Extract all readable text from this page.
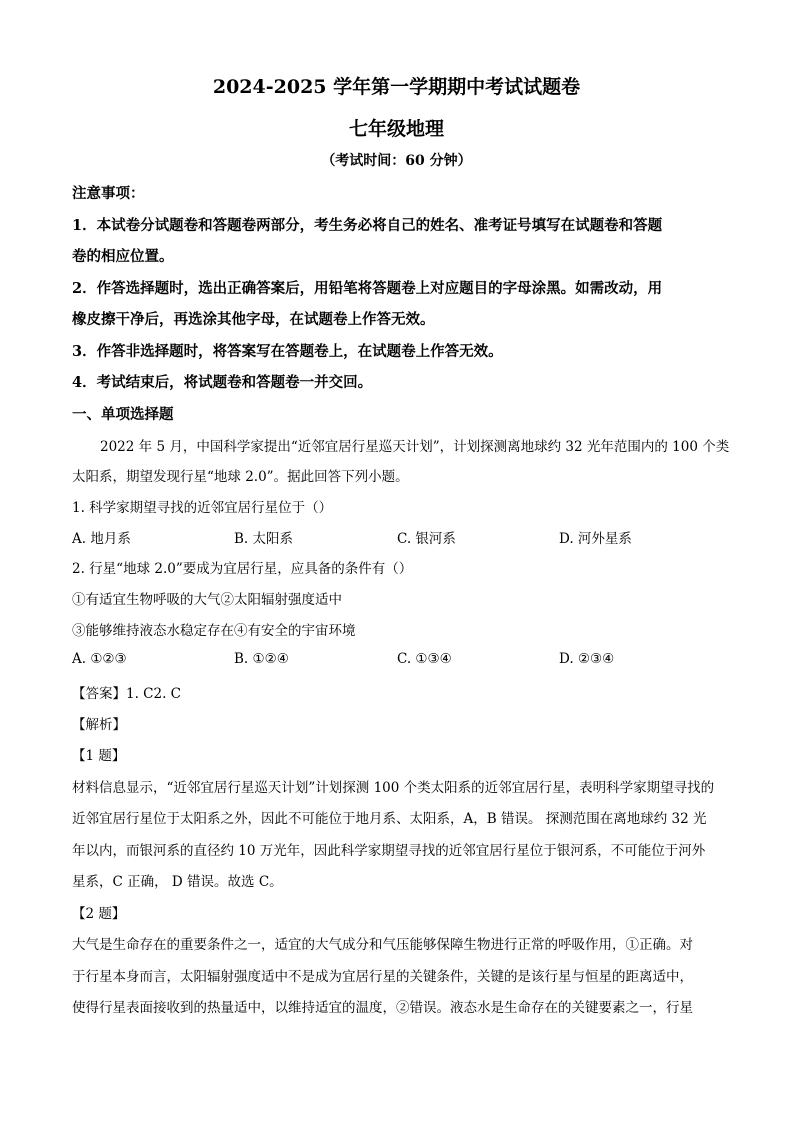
2024-2025 学年第一学期期中考试试题卷
七年级地理
（考试时间：60 分钟）
注意事项：
1．本试卷分试题卷和答题卷两部分，考生务必将自己的姓名、准考证号填写在试题卷和答题
卷的相应位置。
2．作答选择题时，选出正确答案后，用铅笔将答题卷上对应题目的字母涂黑。如需改动，用
橡皮擦干净后，再选涂其他字母，在试题卷上作答无效。
3．作答非选择题时，将答案写在答题卷上，在试题卷上作答无效。
4．考试结束后，将试题卷和答题卷一并交回。
一、单项选择题
2022 年 5 月，中国科学家提出“近邻宜居行星巡天计划”，计划探测离地球约 32 光年范围内的 100 个类
太阳系，期望发现行星“地球 2.0”。据此回答下列小题。
1. 科学家期望寻找的近邻宜居行星位于（）
A. 地月系	B. 太阳系	C. 银河系	D. 河外星系
2. 行星“地球 2.0”要成为宜居行星，应具备的条件有（）
①有适宜生物呼吸的大气②太阳辐射强度适中
③能够维持液态水稳定存在④有安全的宇宙环境
A. ①②③	B. ①②④	C. ①③④	D. ②③④
【答案】1. C2. C
【解析】
【1 题】
材料信息显示，“近邻宜居行星巡天计划”计划探测 100 个类太阳系的近邻宜居行星，表明科学家期望寻找的
近邻宜居行星位于太阳系之外，因此不可能位于地月系、太阳系，A，B 错误。 探测范围在离地球约 32 光
年以内，而银河系的直径约 10 万光年，因此科学家期望寻找的近邻宜居行星位于银河系，不可能位于河外
星系，C 正确， D 错误。故选 C。
【2 题】
大气是生命存在的重要条件之一，适宜的大气成分和气压能够保障生物进行正常的呼吸作用，①正确。对
于行星本身而言，太阳辐射强度适中不是成为宜居行星的关键条件，关键的是该行星与恒星的距离适中，
使得行星表面接收到的热量适中，以维持适宜的温度，②错误。液态水是生命存在的关键要素之一，行星
